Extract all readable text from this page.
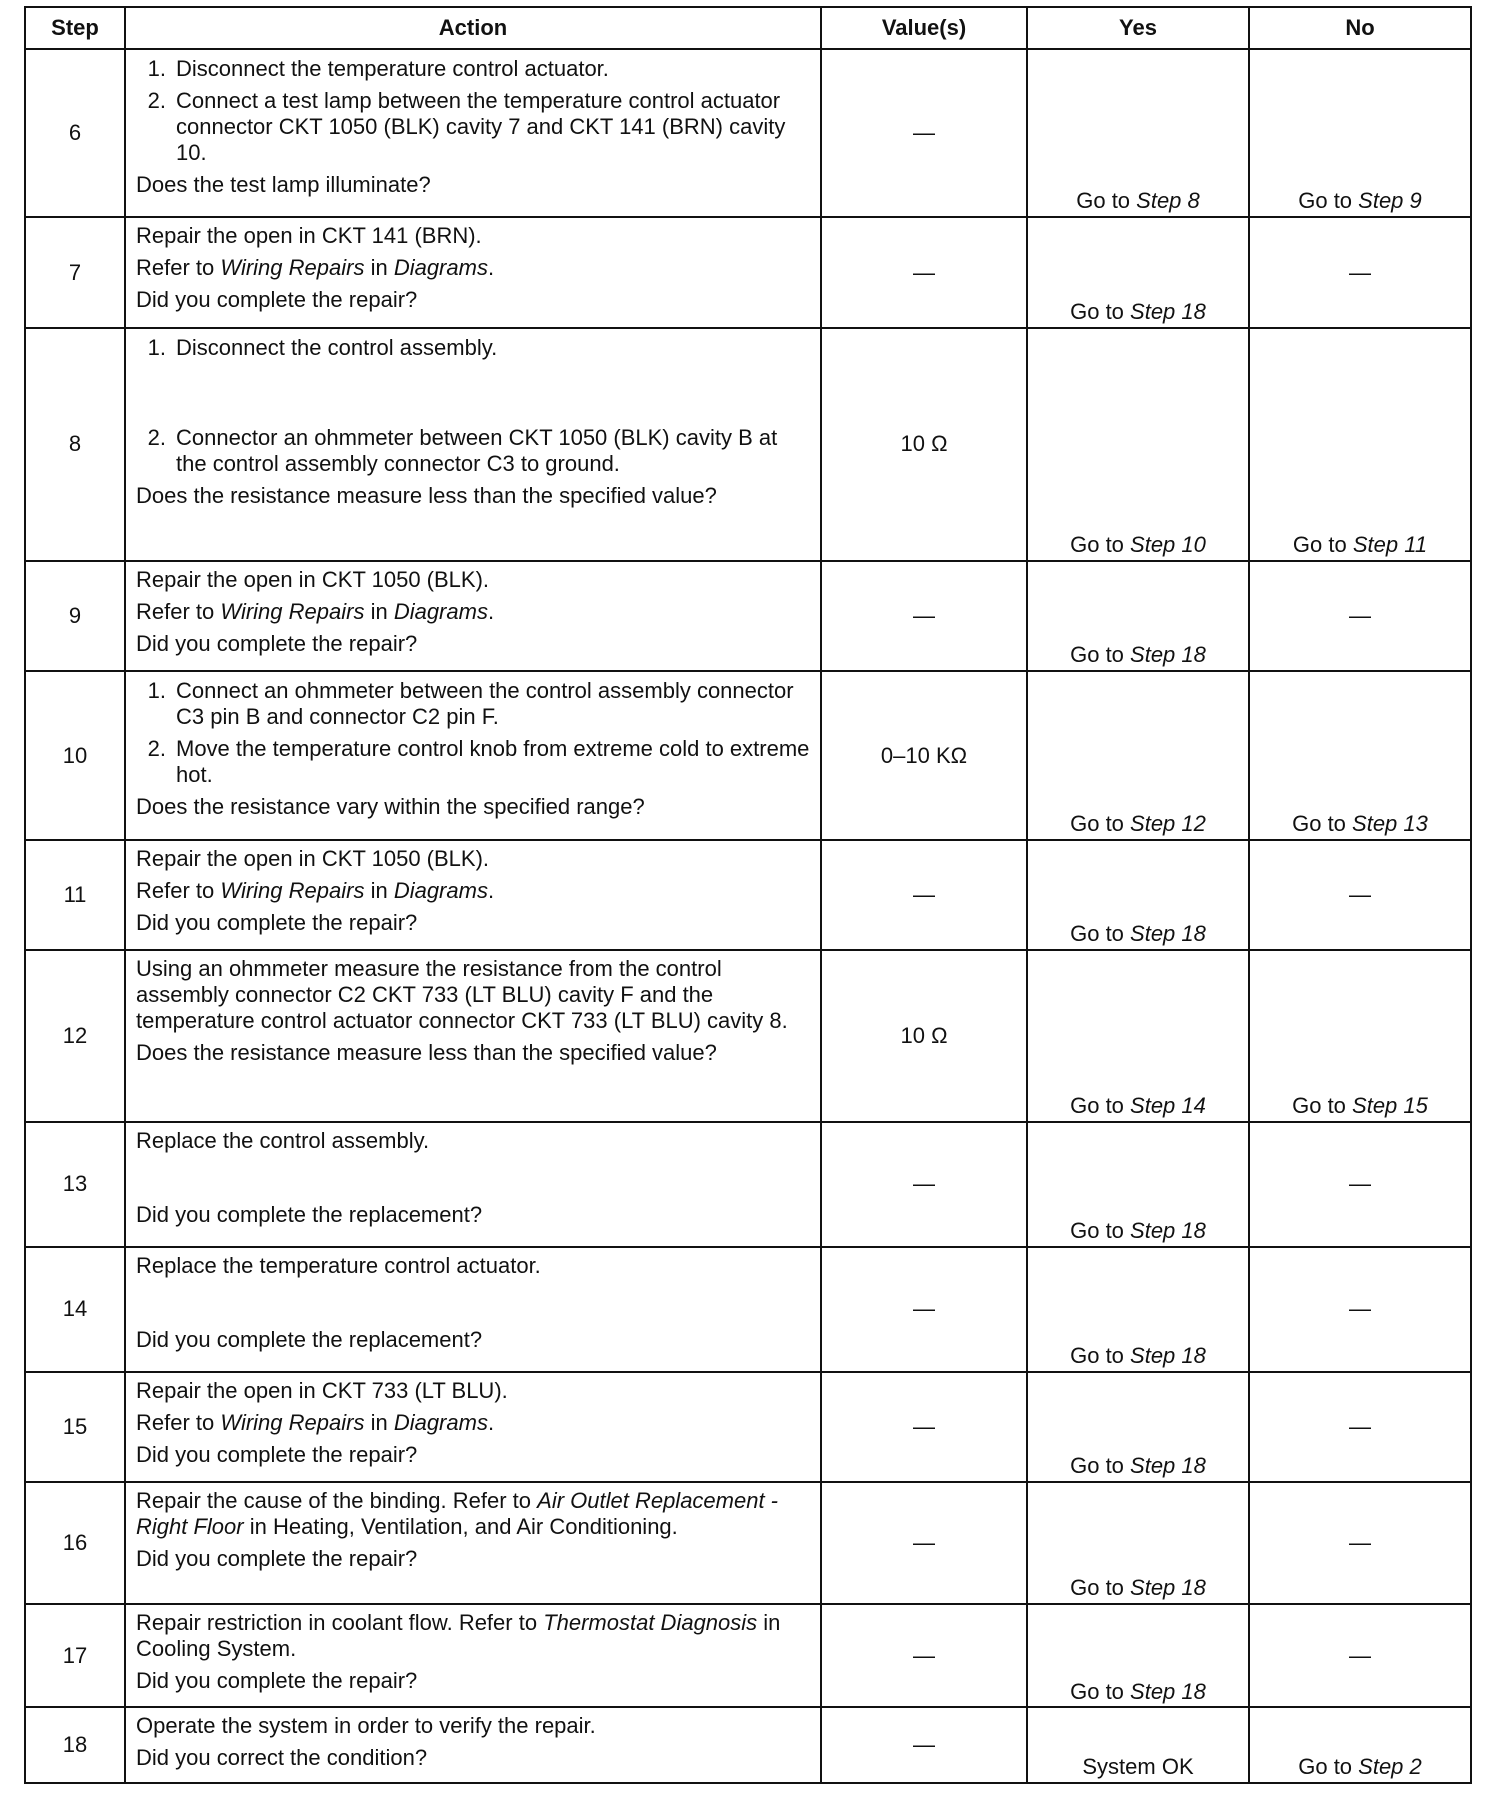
Step	Action	Value(s)	Yes	No
6	1. Disconnect the temperature control actuator.
2. Connect a test lamp between the temperature control actuator connector CKT 1050 (BLK) cavity 7 and CKT 141 (BRN) cavity 10.
Does the test lamp illuminate?	—	Go to Step 8	Go to Step 9
7	Repair the open in CKT 141 (BRN).
Refer to Wiring Repairs in Diagrams.
Did you complete the repair?	—	Go to Step 18	—
8	1. Disconnect the control assembly.
2. Connector an ohmmeter between CKT 1050 (BLK) cavity B at the control assembly connector C3 to ground.
Does the resistance measure less than the specified value?	10 Ω	Go to Step 10	Go to Step 11
9	Repair the open in CKT 1050 (BLK).
Refer to Wiring Repairs in Diagrams.
Did you complete the repair?	—	Go to Step 18	—
10	1. Connect an ohmmeter between the control assembly connector C3 pin B and connector C2 pin F.
2. Move the temperature control knob from extreme cold to extreme hot.
Does the resistance vary within the specified range?	0–10 KΩ	Go to Step 12	Go to Step 13
11	Repair the open in CKT 1050 (BLK).
Refer to Wiring Repairs in Diagrams.
Did you complete the repair?	—	Go to Step 18	—
12	Using an ohmmeter measure the resistance from the control assembly connector C2 CKT 733 (LT BLU) cavity F and the temperature control actuator connector CKT 733 (LT BLU) cavity 8.
Does the resistance measure less than the specified value?	10 Ω	Go to Step 14	Go to Step 15
13	Replace the control assembly.
Did you complete the replacement?	—	Go to Step 18	—
14	Replace the temperature control actuator.
Did you complete the replacement?	—	Go to Step 18	—
15	Repair the open in CKT 733 (LT BLU).
Refer to Wiring Repairs in Diagrams.
Did you complete the repair?	—	Go to Step 18	—
16	Repair the cause of the binding. Refer to Air Outlet Replacement - Right Floor in Heating, Ventilation, and Air Conditioning.
Did you complete the repair?	—	Go to Step 18	—
17	Repair restriction in coolant flow. Refer to Thermostat Diagnosis in Cooling System.
Did you complete the repair?	—	Go to Step 18	—
18	Operate the system in order to verify the repair.
Did you correct the condition?	—	System OK	Go to Step 2
